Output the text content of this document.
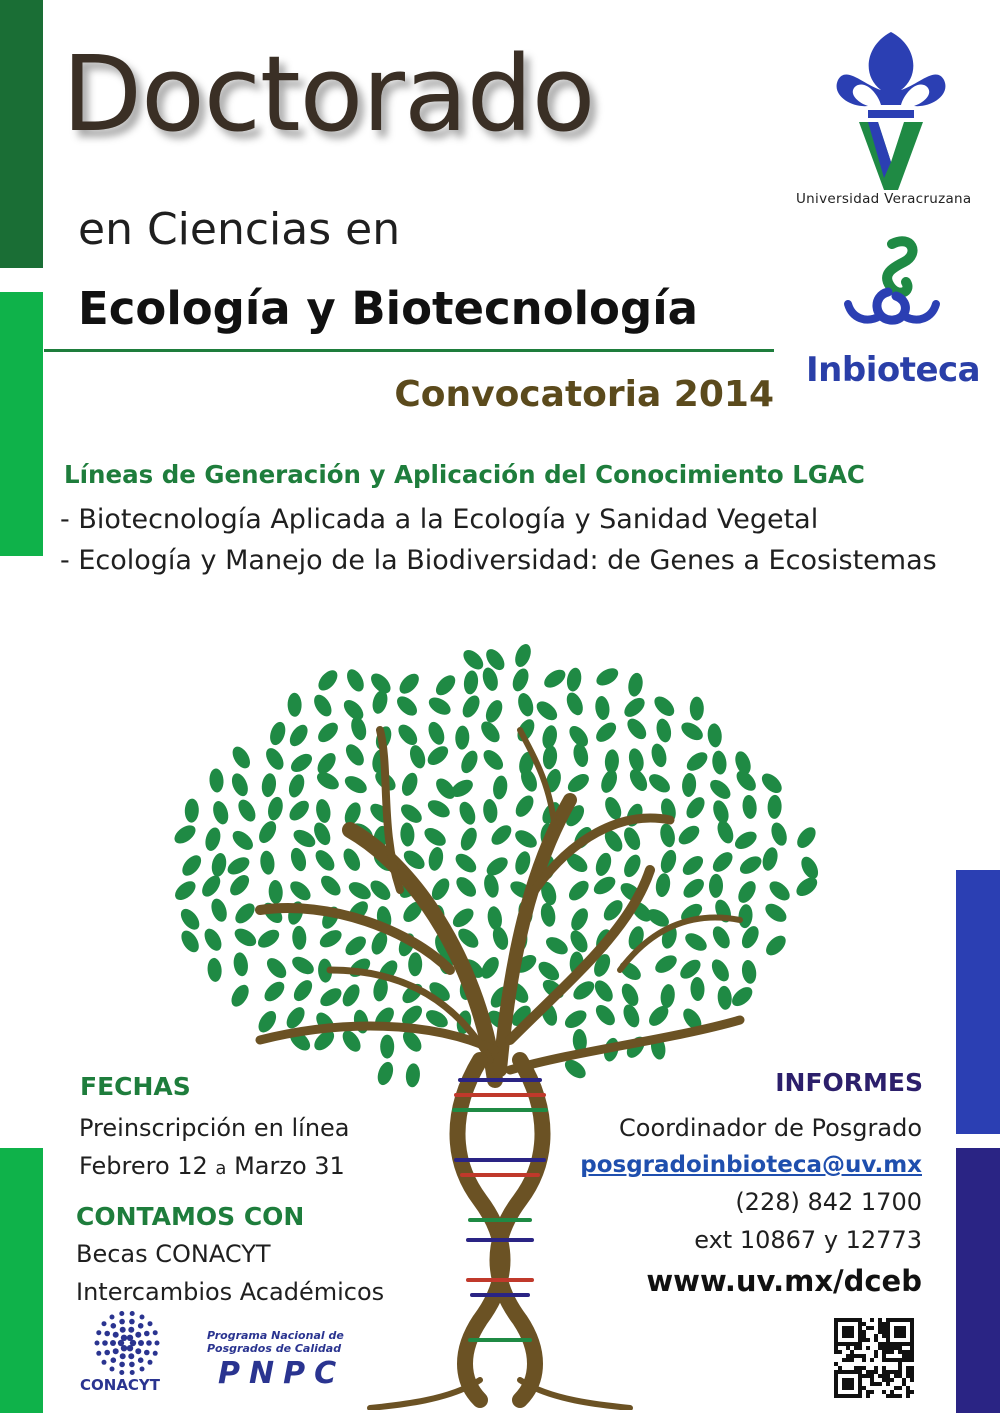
Doctorado
en Ciencias en
Ecología y Biotecnología
Convocatoria 2014
Universidad Veracruzana
Inbioteca
Líneas de Generación y Aplicación del Conocimiento LGAC
- Biotecnología Aplicada a la Ecología y Sanidad Vegetal
- Ecología y Manejo de la Biodiversidad: de Genes a Ecosistemas
FECHAS
Preinscripción en línea
Febrero 12 a Marzo 31
CONTAMOS CON
Becas CONACYT
Intercambios Académicos
INFORMES
Coordinador de Posgrado
posgradoinbioteca@uv.mx
(228) 842 1700
ext 10867 y 12773
www.uv.mx/dceb
CONACYT
Programa Nacional de
Posgrados de Calidad
PNPC
